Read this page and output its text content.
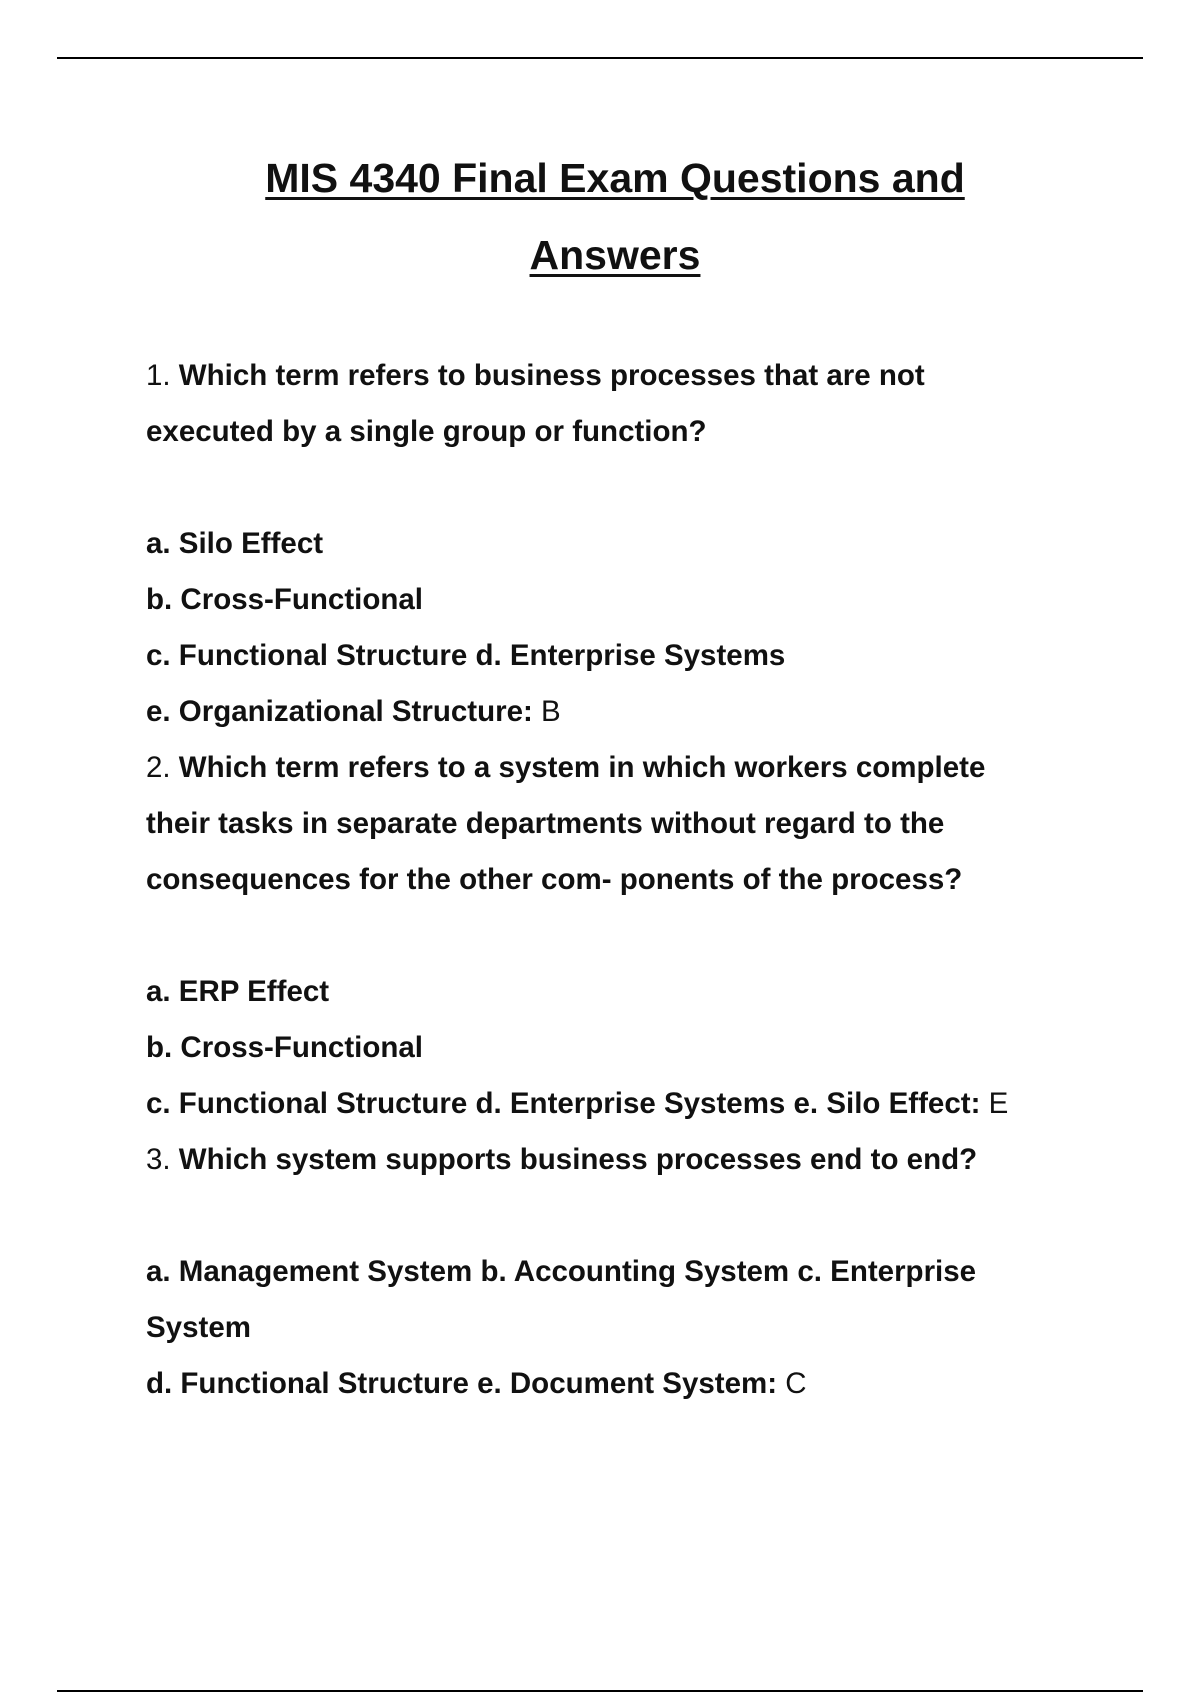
MIS 4340 Final Exam Questions and
Answers

1. Which term refers to business processes that are not

executed by a single group or function?

a. Silo Effect

b. Cross-Functional

c. Functional Structure d. Enterprise Systems

e. Organizational Structure: B

2. Which term refers to a system in which workers complete

their tasks in separate departments without regard to the

consequences for the other com- ponents of the process?

a. ERP Effect

b. Cross-Functional

c. Functional Structure d. Enterprise Systems e. Silo Effect: E

3. Which system supports business processes end to end?

a. Management System b. Accounting System c. Enterprise

System

d. Functional Structure e. Document System: C
